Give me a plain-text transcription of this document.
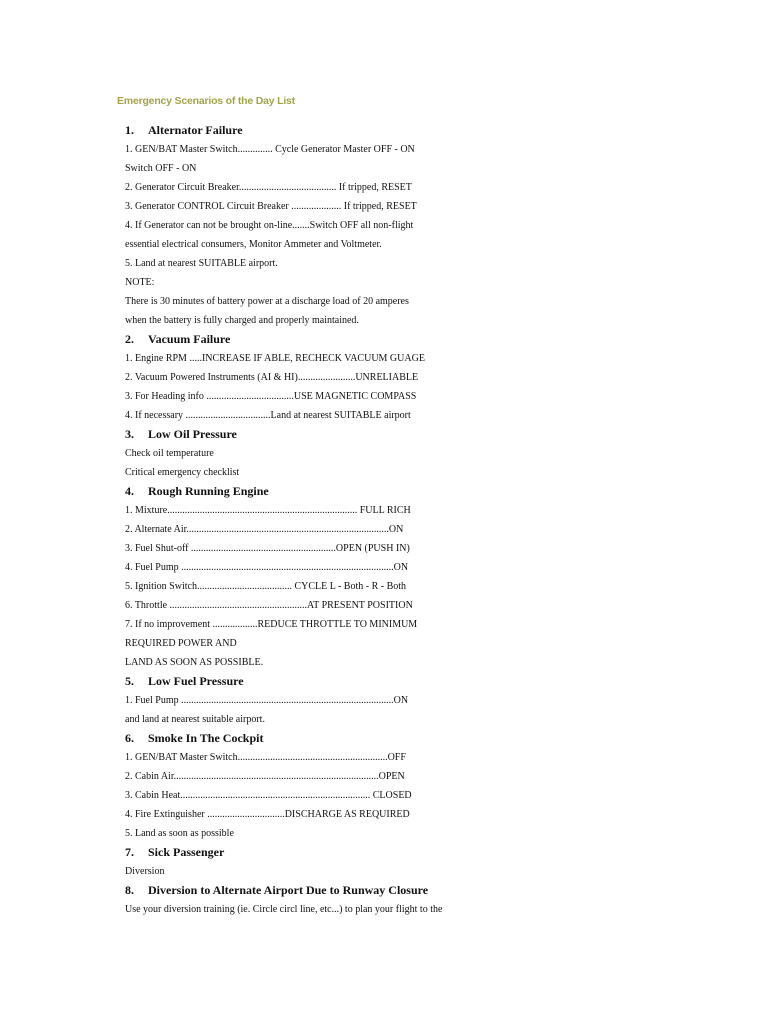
Emergency Scenarios of the Day List
1.	Alternator Failure
1. GEN/BAT Master Switch.............. Cycle Generator Master OFF - ON
Switch OFF - ON
2. Generator Circuit Breaker....................................... If tripped, RESET
3. Generator CONTROL Circuit Breaker .................... If tripped, RESET
4. If Generator can not be brought on-line.......Switch OFF all non-flight
essential electrical consumers, Monitor Ammeter and Voltmeter.
5. Land at nearest SUITABLE airport.
NOTE:
There is 30 minutes of battery power at a discharge load of 20 amperes
when the battery is fully charged and properly maintained.
2.	Vacuum Failure
1. Engine RPM .....INCREASE IF ABLE, RECHECK VACUUM GUAGE
2. Vacuum Powered Instruments (AI & HI).......................UNRELIABLE
3. For Heading info ...................................USE MAGNETIC COMPASS
4. If necessary ..................................Land at nearest SUITABLE airport
3.	Low Oil Pressure
Check oil temperature
Critical emergency checklist
4.	Rough Running Engine
1. Mixture............................................................................ FULL RICH
2. Alternate Air.................................................................................ON
3. Fuel Shut-off ..........................................................OPEN (PUSH IN)
4. Fuel Pump .....................................................................................ON
5. Ignition Switch...................................... CYCLE L - Both - R - Both
6. Throttle .......................................................AT PRESENT POSITION
7. If no improvement ..................REDUCE THROTTLE TO MINIMUM
REQUIRED POWER AND
LAND AS SOON AS POSSIBLE.
5.	Low Fuel Pressure
1. Fuel Pump .....................................................................................ON
and land at nearest suitable airport.
6.	Smoke In The Cockpit
1. GEN/BAT Master Switch............................................................OFF
2. Cabin Air..................................................................................OPEN
3. Cabin Heat............................................................................ CLOSED
4. Fire Extinguisher ...............................DISCHARGE AS REQUIRED
5. Land as soon as possible
7.	Sick Passenger
Diversion
8.	Diversion to Alternate Airport Due to Runway Closure
Use your diversion training (ie. Circle circl line, etc...) to plan your flight to the
